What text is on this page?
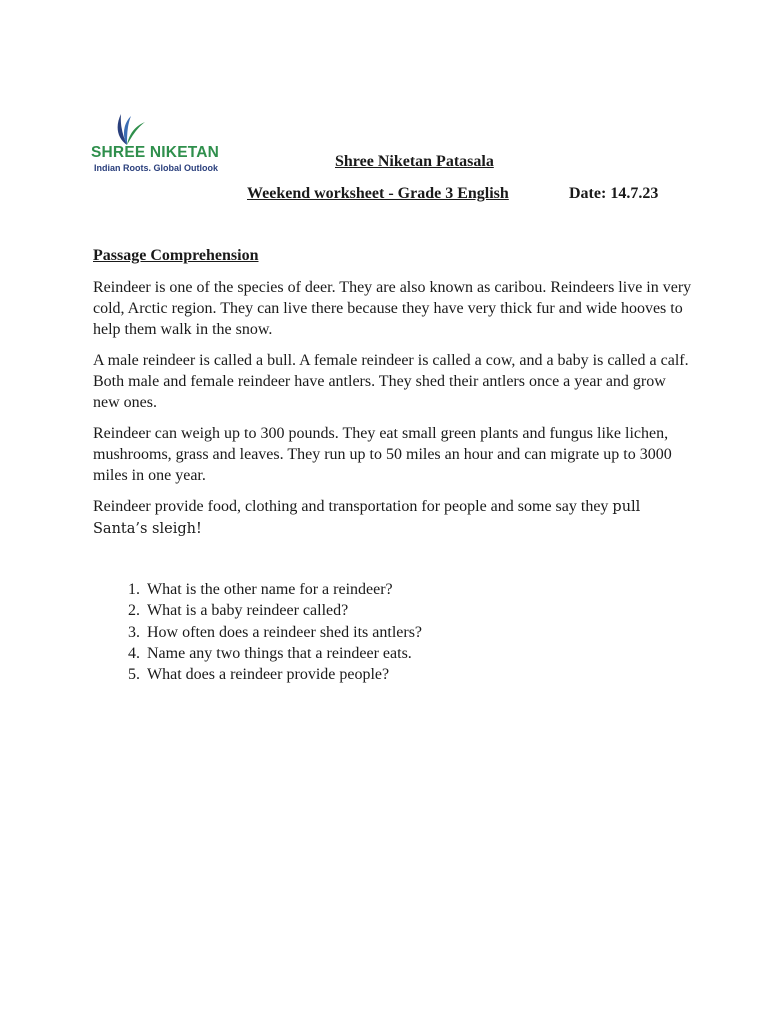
SHREE NIKETAN
Indian Roots. Global Outlook	Shree Niketan Patasala
Weekend worksheet - Grade 3 English	Date: 14.7.23
Passage Comprehension

Reindeer is one of the species of deer. They are also known as caribou. Reindeers live in very cold, Arctic region. They can live there because they have very thick fur and wide hooves to help them walk in the snow.

A male reindeer is called a bull. A female reindeer is called a cow, and a baby is called a calf. Both male and female reindeer have antlers. They shed their antlers once a year and grow new ones.

Reindeer can weigh up to 300 pounds. They eat small green plants and fungus like lichen, mushrooms, grass and leaves. They run up to 50 miles an hour and can migrate up to 3000 miles in one year.

Reindeer provide food, clothing and transportation for people and some say they pull Santa’s sleigh!

1. What is the other name for a reindeer?
2. What is a baby reindeer called?
3. How often does a reindeer shed its antlers?
4. Name any two things that a reindeer eats.
5. What does a reindeer provide people?
